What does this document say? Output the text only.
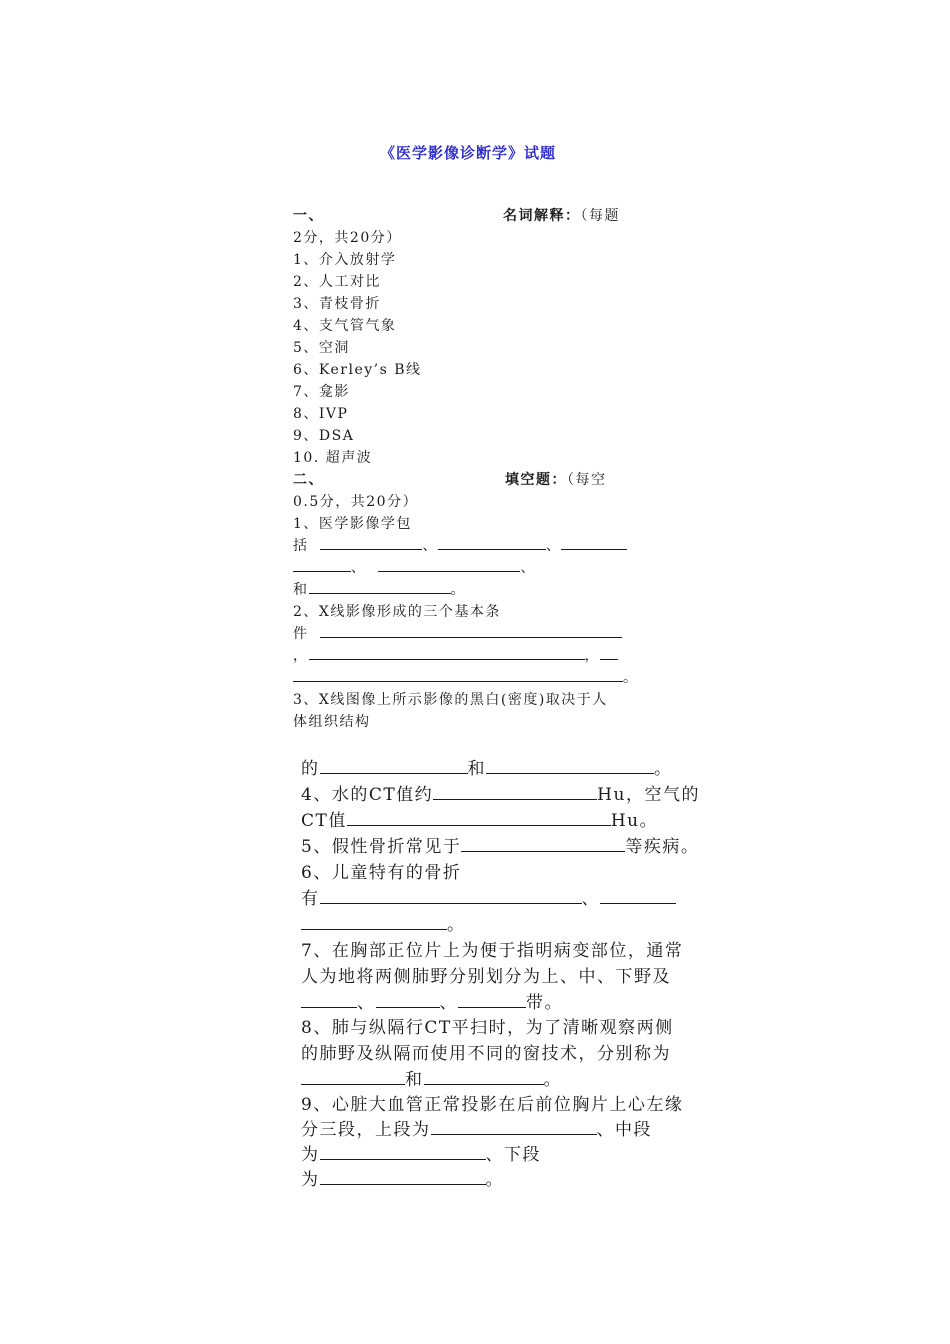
《医学影像诊断学》试题
一、	名词解释：（每题
2分，共20分）
1、介入放射学
2、人工对比
3、青枝骨折
4、支气管气象
5、空洞
6、Kerley’s B线
7、龛影
8、IVP
9、DSA
10. 超声波
二、	填空题：（每空
0.5分，共20分）
1、医学影像学包
括	、	、
、	、
和	。
2、X线影像形成的三个基本条
件
，	，
。
3、X线图像上所示影像的黑白(密度)取决于人
体组织结构
的	和	。
4、水的CT值约	Hu，空气的
CT值	Hu。
5、假性骨折常见于	等疾病。
6、儿童特有的骨折
有	、
。
7、在胸部正位片上为便于指明病变部位，通常
人为地将两侧肺野分别划分为上、中、下野及
、	、	带。
8、肺与纵隔行CT平扫时，为了清晰观察两侧
的肺野及纵隔而使用不同的窗技术，分别称为
和	。
9、心脏大血管正常投影在后前位胸片上心左缘
分三段，上段为	、中段
为	、下段
为	。
